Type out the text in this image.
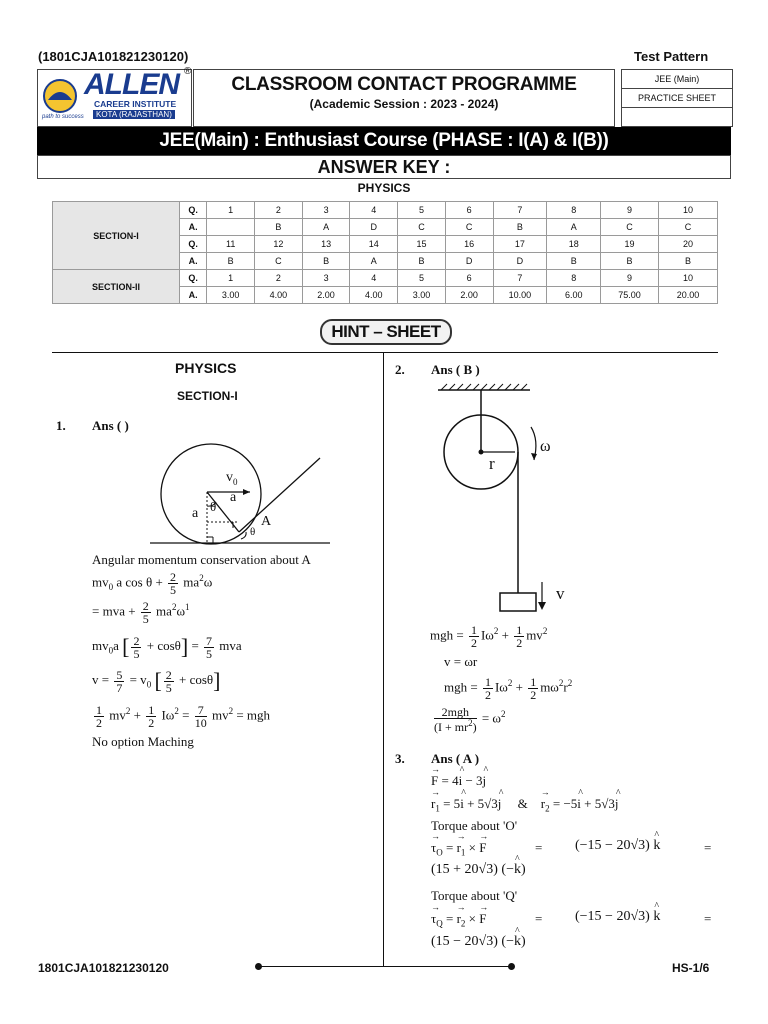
(1801CJA101821230120)	Test Pattern
ALLEN
CAREER INSTITUTE
KOTA (RAJASTHAN)
path to success
®
CLASSROOM CONTACT PROGRAMME
(Academic Session : 2023 - 2024)
JEE (Main)
PRACTICE SHEET
JEE(Main) : Enthusiast Course (PHASE : I(A) & I(B))
ANSWER KEY :
PHYSICS
SECTION-I	Q.	1	2	3	4	5	6	7	8	9	10
	A.		B	A	D	C	C	B	A	C	C
	Q.	11	12	13	14	15	16	17	18	19	20
	A.	B	C	B	A	B	D	D	B	B	B
SECTION-II	Q.	1	2	3	4	5	6	7	8	9	10
	A.	3.00	4.00	2.00	4.00	3.00	2.00	10.00	6.00	75.00	20.00
HINT – SHEET
PHYSICS
SECTION-I
1. Ans ( )
$v_0$
a
a θ
θ
A
Angular momentum conservation about A
$mv_0$ a $\cos \theta + \frac{2}{5} ma^2\omega$
= mva + $\frac{2}{5} ma^2\omega^1$
$mv_0a$ [ $\frac{2}{5} + \cos\theta] = \frac{7}{5}$ mva
$v = \frac{5}{7} = v_0$ [ $\frac{2}{5} + \cos\theta$]
$\frac{1}{2} mv^2 + \frac{1}{2} I\omega^2 = \frac{7}{10} mv^2$ = mgh
No option Maching
2. Ans ( B )
r
ω
v
mgh = $\frac{1}{2} I\omega^2 + \frac{1}{2} mv^2$
v = ωr
mgh = $\frac{1}{2} I\omega^2 + \frac{1}{2} m\omega^2r^2$
$\frac{\text{2mgh}}{(I + mr^2)} = \omega^2$
3. Ans ( A )
→ F = 4^ i − 3^ j
→ $r_1$ = 5^ i + 5√3^ j     &    → $r_2$ = −5^ i + 5√3^ j
Torque about 'O'
→ $\tau_O$ = → $r_1$ × → F	= (−15 − 20√3) ^ k	=
(15 + 20√3) (−^ k)
Torque about 'Q'
→ $\tau_Q$ = → $r_2$ × → F	= (−15 − 20√3) ^ k	=
(15 − 20√3) (−^ k)
1801CJA101821230120	HS-1/6
